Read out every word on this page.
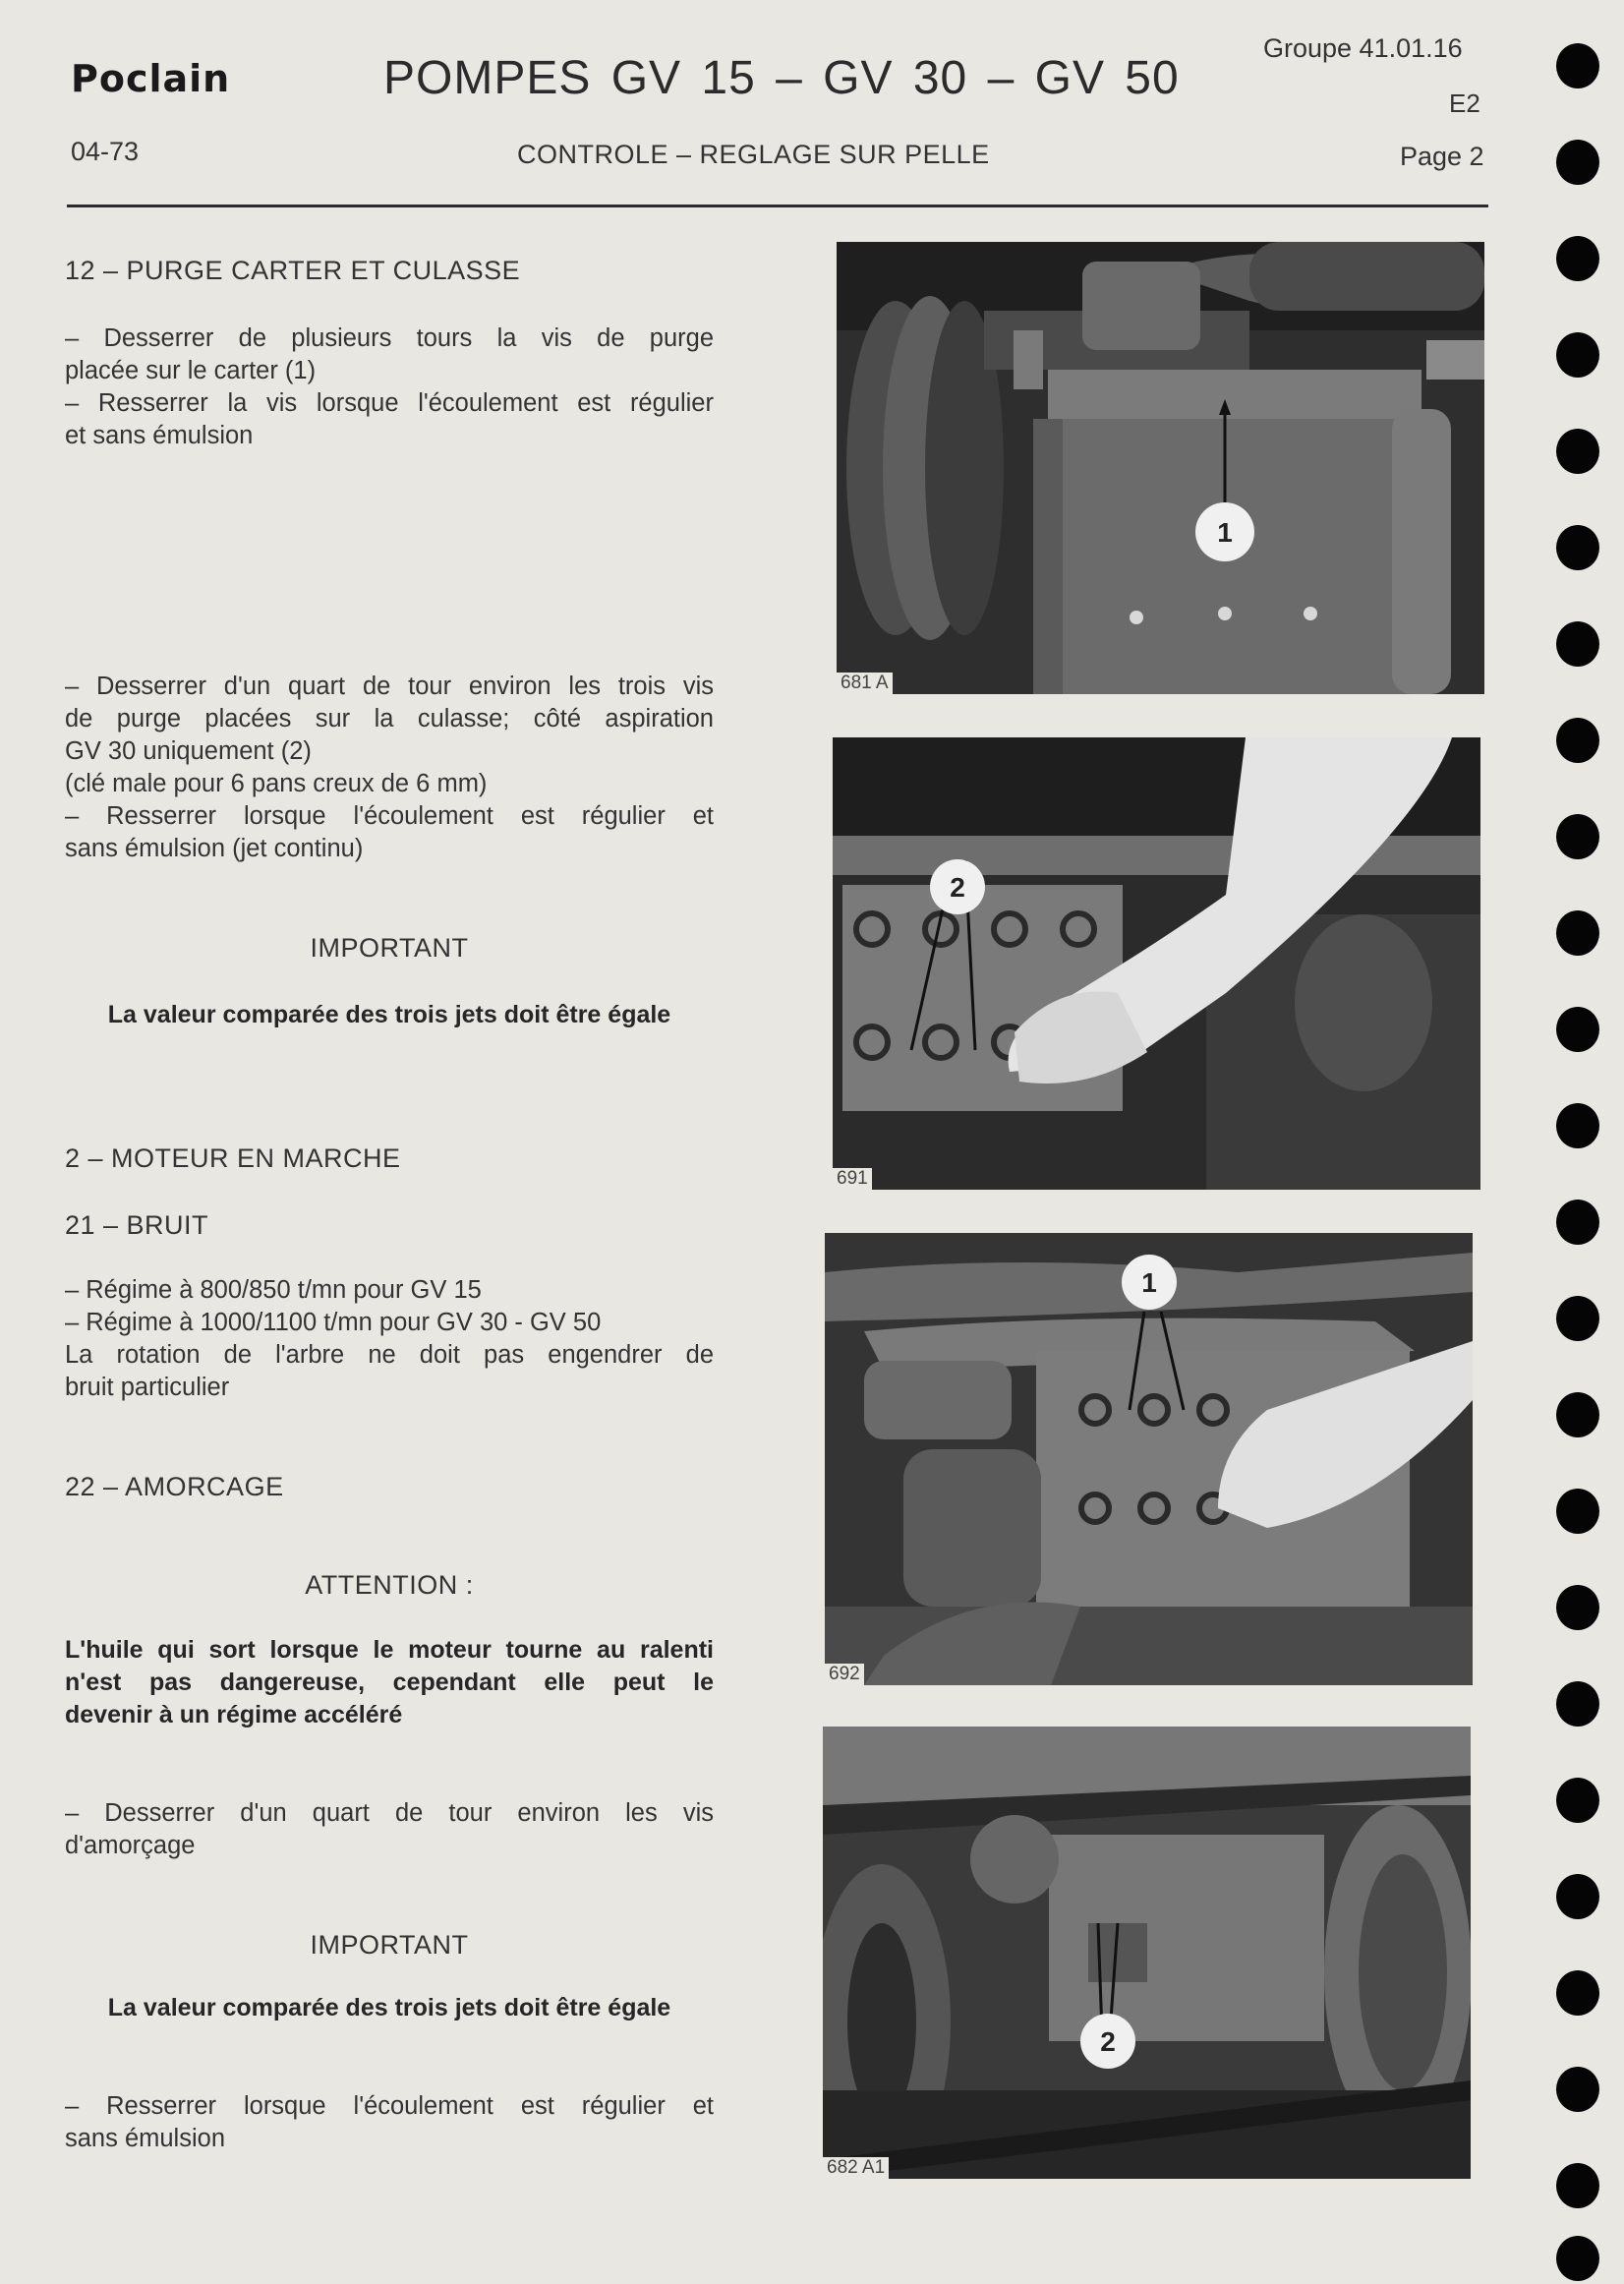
Poclain	POMPES GV 15 – GV 30 – GV 50
Groupe 41.01.16
E2
Page 2
04-73	CONTROLE – REGLAGE SUR PELLE
12 – PURGE CARTER ET CULASSE
– Desserrer de plusieurs tours la vis de purge
placée sur le carter (1)
– Resserrer la vis lorsque l'écoulement est régulier
et sans émulsion
– Desserrer d'un quart de tour environ les trois vis
de purge placées sur la culasse; côté aspiration
GV 30 uniquement (2)
(clé male pour 6 pans creux de 6 mm)
– Resserrer lorsque l'écoulement est régulier et
sans émulsion (jet continu)
IMPORTANT
La valeur comparée des trois jets doit être égale
2 – MOTEUR EN MARCHE
21 – BRUIT
– Régime à 800/850 t/mn pour GV 15
– Régime à 1000/1100 t/mn pour GV 30 - GV 50
La rotation de l'arbre ne doit pas engendrer de
bruit particulier
22 – AMORCAGE
ATTENTION :
L'huile qui sort lorsque le moteur tourne au ralenti
n'est pas dangereuse, cependant elle peut le
devenir à un régime accéléré
– Desserrer d'un quart de tour environ les vis
d'amorçage
IMPORTANT
La valeur comparée des trois jets doit être égale
– Resserrer lorsque l'écoulement est régulier et
sans émulsion
1
681 A
2
691
1
692
2
682 A1
